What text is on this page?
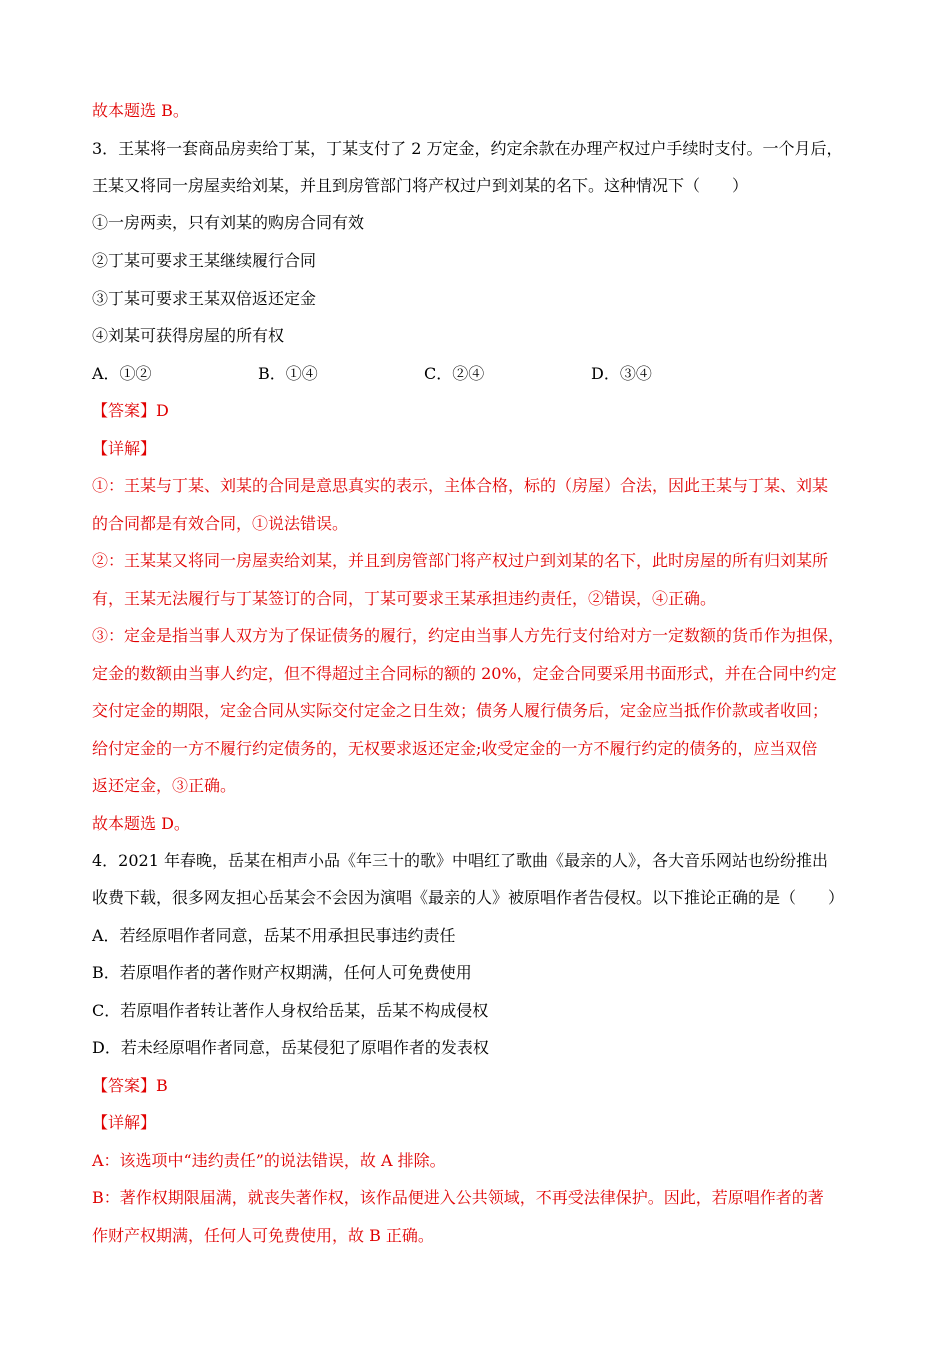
故本题选 B。
3．王某将一套商品房卖给丁某，丁某支付了 2 万定金，约定余款在办理产权过户手续时支付。一个月后，
王某又将同一房屋卖给刘某，并且到房管部门将产权过户到刘某的名下。这种情况下（　　）
①一房两卖，只有刘某的购房合同有效
②丁某可要求王某继续履行合同
③丁某可要求王某双倍返还定金
④刘某可获得房屋的所有权
A．①②	B．①④	C．②④	D．③④
【答案】D
【详解】
①：王某与丁某、刘某的合同是意思真实的表示，主体合格，标的（房屋）合法，因此王某与丁某、刘某
的合同都是有效合同，①说法错误。
②：王某某又将同一房屋卖给刘某，并且到房管部门将产权过户到刘某的名下，此时房屋的所有归刘某所
有，王某无法履行与丁某签订的合同，丁某可要求王某承担违约责任，②错误，④正确。
③：定金是指当事人双方为了保证债务的履行，约定由当事人方先行支付给对方一定数额的货币作为担保，
定金的数额由当事人约定，但不得超过主合同标的额的 20%，定金合同要采用书面形式，并在合同中约定
交付定金的期限，定金合同从实际交付定金之日生效；债务人履行债务后，定金应当抵作价款或者收回；
给付定金的一方不履行约定债务的，无权要求返还定金;收受定金的一方不履行约定的债务的，应当双倍
返还定金，③正确。
故本题选 D。
4．2021 年春晚，岳某在相声小品《年三十的歌》中唱红了歌曲《最亲的人》，各大音乐网站也纷纷推出
收费下载，很多网友担心岳某会不会因为演唱《最亲的人》被原唱作者告侵权。以下推论正确的是（　　）
A．若经原唱作者同意，岳某不用承担民事违约责任
B．若原唱作者的著作财产权期满，任何人可免费使用
C．若原唱作者转让著作人身权给岳某，岳某不构成侵权
D．若未经原唱作者同意，岳某侵犯了原唱作者的发表权
【答案】B
【详解】
A：该选项中“违约责任”的说法错误，故 A 排除。
B：著作权期限届满，就丧失著作权，该作品便进入公共领域，不再受法律保护。因此，若原唱作者的著
作财产权期满，任何人可免费使用，故 B 正确。
